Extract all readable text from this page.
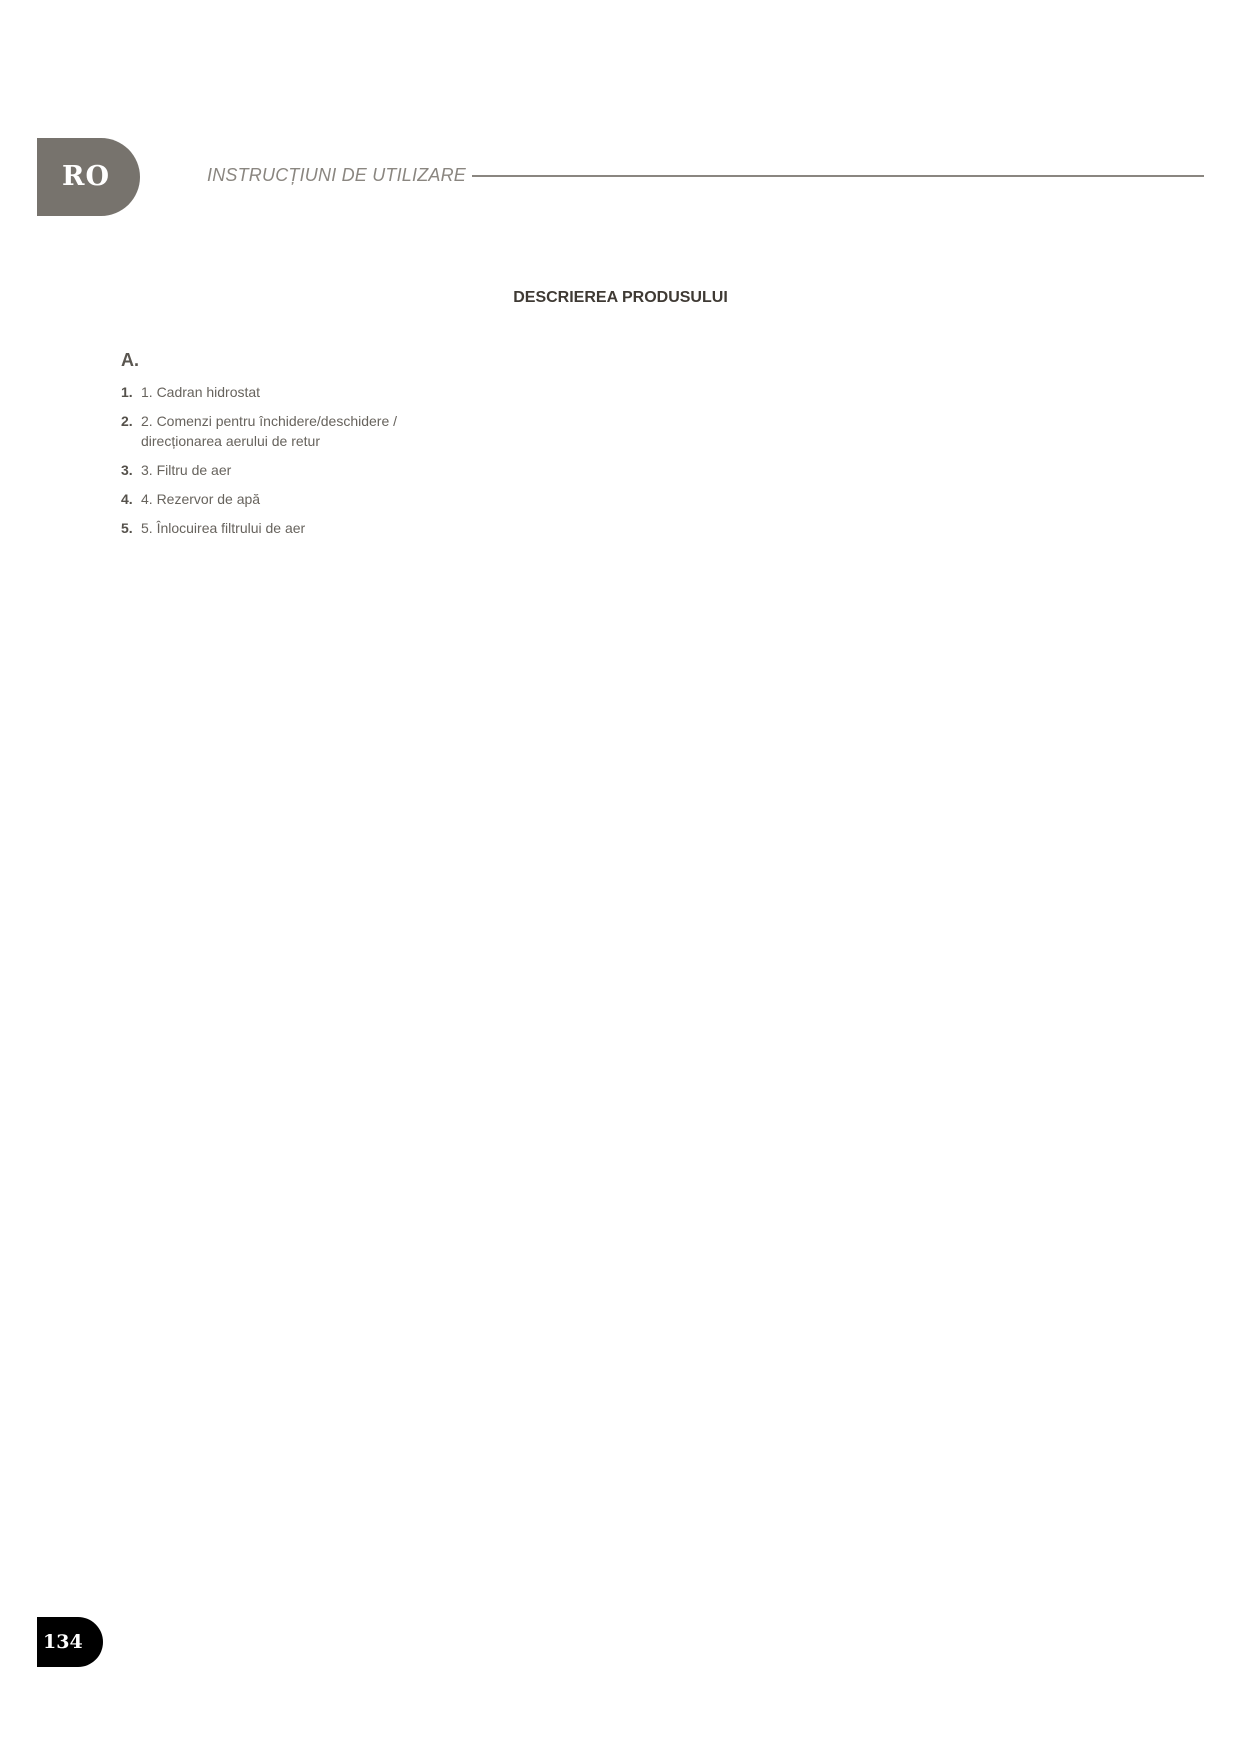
RO	INSTRUCȚIUNI DE UTILIZARE
DESCRIEREA PRODUSULUI
A.
1. 1. Cadran hidrostat
2. 2. Comenzi pentru închidere/deschidere / direcționarea aerului de retur
3. 3. Filtru de aer
4. 4. Rezervor de apă
5. 5. Înlocuirea filtrului de aer
134
